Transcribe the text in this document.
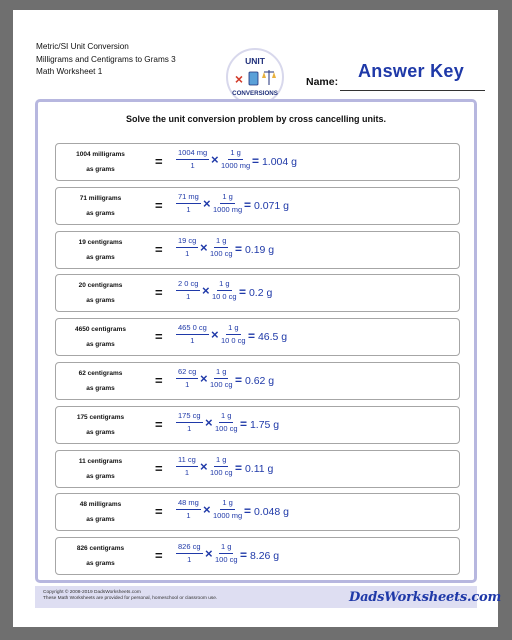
Metric/SI Unit Conversion
Milligrams and Centigrams to Grams 3
Math Worksheet 1
UNIT
×
CONVERSIONS
Answer Key
Name:
Solve the unit conversion problem by cross cancelling units.
1004 milligrams
as grams
= $\frac{1004 mg}{1} \times \frac{1 g}{1000 mg} = 1.004$ g
71 milligrams
as grams
= $\frac{71 mg}{1} \times \frac{1 g}{1000 mg} = 0.071$ g
19 centigrams
as grams
= $\frac{19 cg}{1} \times \frac{1 g}{100 cg} = 0.19$ g
20 centigrams
as grams
= $\frac{2 0 cg}{1} \times \frac{1 g}{10 0 cg} = 0.2$ g
4650 centigrams
as grams
= $\frac{465 0 cg}{1} \times \frac{1 g}{10 0 cg} = 46.5$ g
62 centigrams
as grams
= $\frac{62 cg}{1} \times \frac{1 g}{100 cg} = 0.62$ g
175 centigrams
as grams
= $\frac{175 cg}{1} \times \frac{1 g}{100 cg} = 1.75$ g
11 centigrams
as grams
= $\frac{11 cg}{1} \times \frac{1 g}{100 cg} = 0.11$ g
48 milligrams
as grams
= $\frac{48 mg}{1} \times \frac{1 g}{1000 mg} = 0.048$ g
826 centigrams
as grams
= $\frac{826 cg}{1} \times \frac{1 g}{100 cg} = 8.26$ g
Copyright © 2008-2019 DadsWorksheets.com
These Math Worksheets are provided for personal, homeschool or classroom use.	DadsWorksheets.com
